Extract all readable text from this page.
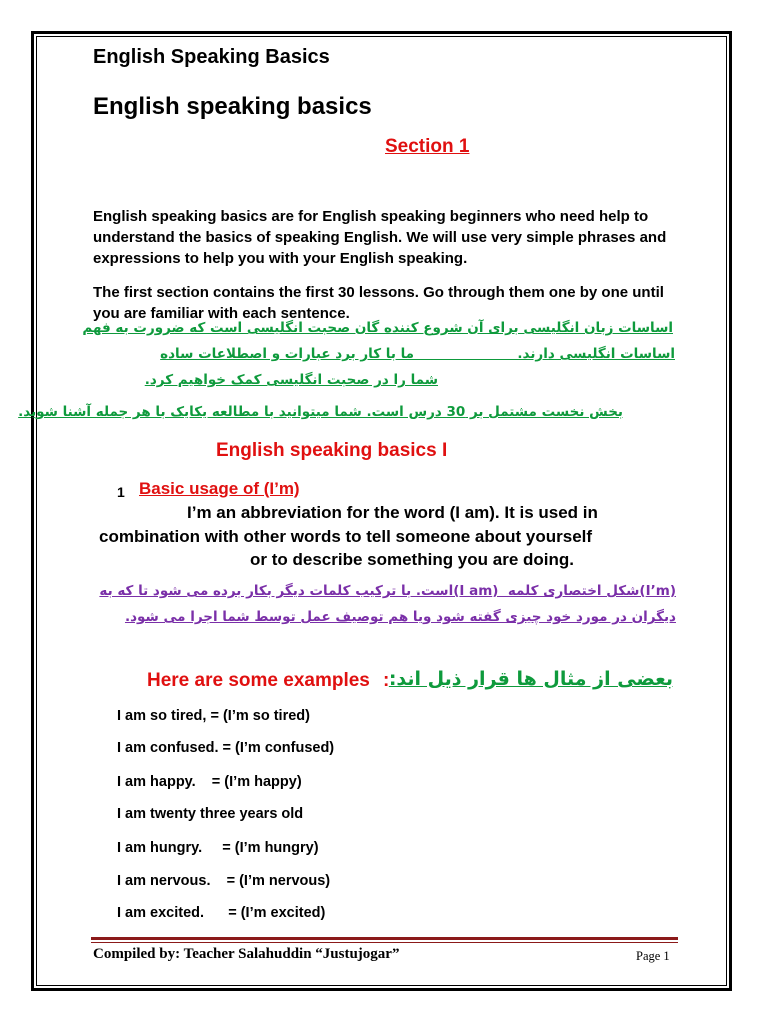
English Speaking Basics
English speaking basics
Section 1
English speaking basics are for English speaking beginners who need help to understand the basics of speaking English. We will use very simple phrases and expressions to help you with your English speaking.
The first section contains the first 30 lessons. Go through them one by one until you are familiar with each sentence.
اساسات زبان انگلیسی برای آن شروع کننده گان صحبت انگلیسی است که ضرورت به فهم
اساسات انگلیسی دارند.                      ما با کار برد عبارات و اصطلاعات ساده
شما را در صحبت انگلیسی کمک خواهیم کرد.
بخش نخست مشتمل بر 30 درس است. شما میتوانید با مطالعه یکایک با هر جمله آشنا شوید.
English speaking basics I
1 Basic usage of (I’m)
I’m an abbreviation for the word (I am). It is used in
combination with other words to tell someone about yourself
or to describe something you are doing.
(I’m)شکل اختصاری کلمه  (I am)است. با ترکیب کلمات دیگر بکار برده می شود تا که به
دیگران در مورد خود چیزی گفته شود ویا هم توصیف عمل توسط شما اجرا می شود.
Here are some examples : بعضی از مثال ها قرار ذیل اند:
I am so tired, = (I’m so tired)
I am confused. = (I’m confused)
I am happy.    = (I’m happy)
I am twenty three years old
I am hungry.     = (I’m hungry)
I am nervous.    = (I’m nervous)
I am excited.      = (I’m excited)
Compiled by: Teacher Salahuddin “Justujogar”	Page 1
